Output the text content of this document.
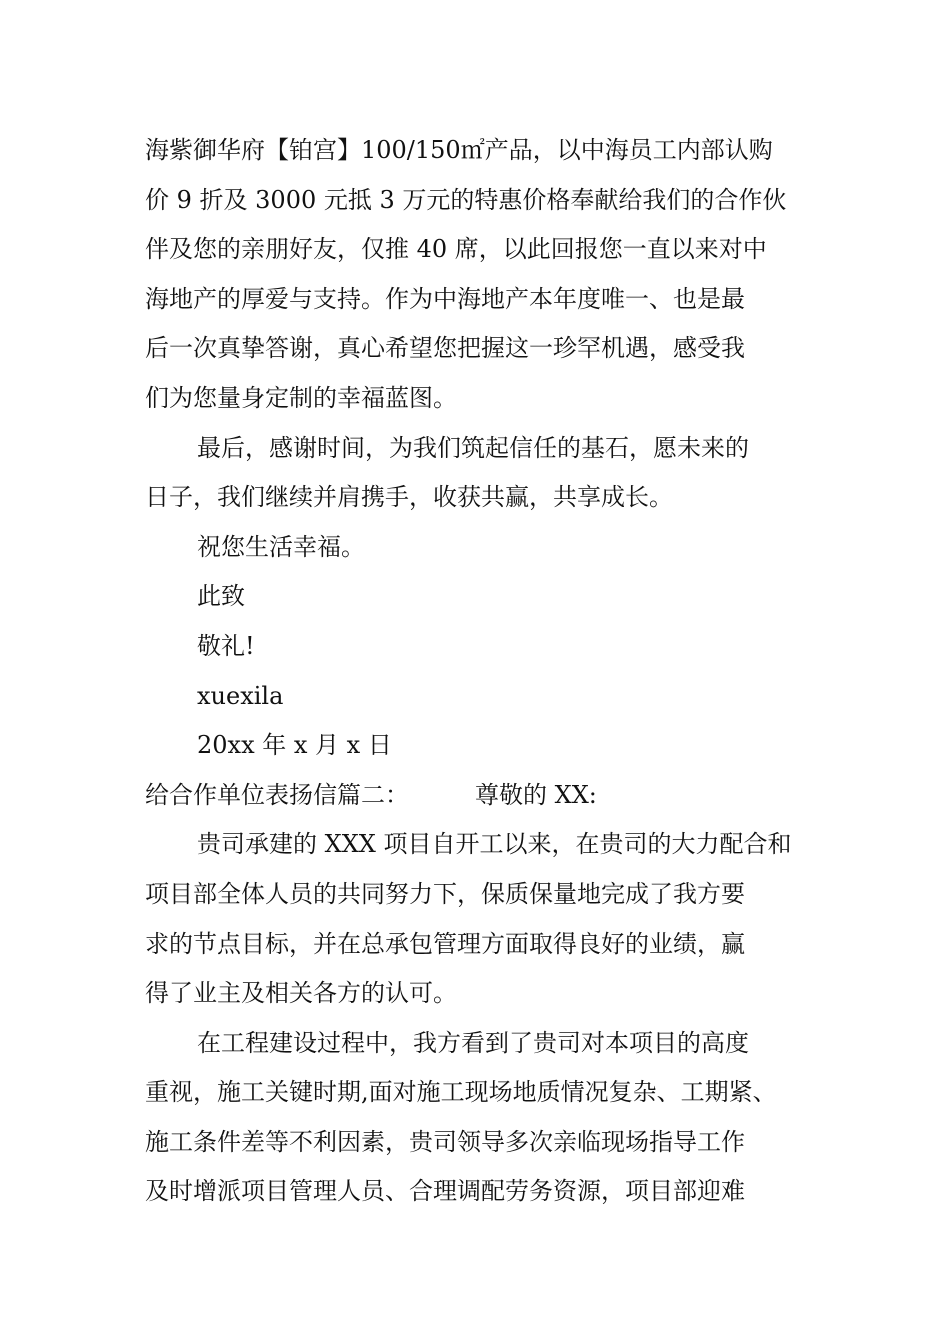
海紫御华府【铂宫】100/150㎡产品，以中海员工内部认购
价 9 折及 3000 元抵 3 万元的特惠价格奉献给我们的合作伙
伴及您的亲朋好友，仅推 40 席，以此回报您一直以来对中
海地产的厚爱与支持。作为中海地产本年度唯一、也是最
后一次真挚答谢，真心希望您把握这一珍罕机遇，感受我
们为您量身定制的幸福蓝图。
最后，感谢时间，为我们筑起信任的基石，愿未来的
日子，我们继续并肩携手，收获共赢，共享成长。
祝您生活幸福。
此致
敬礼!
xuexila
20xx 年 x 月 x 日
给合作单位表扬信篇二：	尊敬的 XX:
贵司承建的 XXX 项目自开工以来，在贵司的大力配合和
项目部全体人员的共同努力下，保质保量地完成了我方要
求的节点目标，并在总承包管理方面取得良好的业绩，赢
得了业主及相关各方的认可。
在工程建设过程中，我方看到了贵司对本项目的高度
重视，施工关键时期,面对施工现场地质情况复杂、工期紧、
施工条件差等不利因素，贵司领导多次亲临现场指导工作
及时增派项目管理人员、合理调配劳务资源，项目部迎难
